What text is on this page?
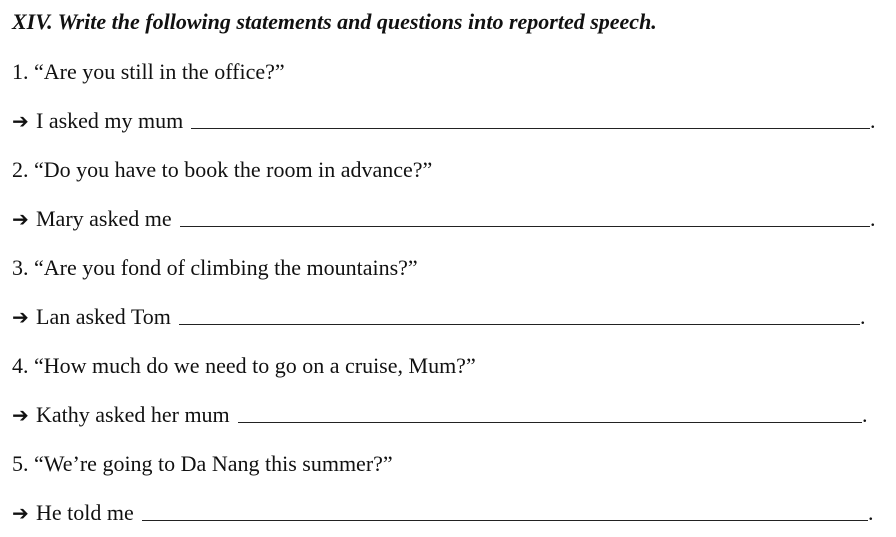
XIV. Write the following statements and questions into reported speech.
1. “Are you still in the office?”
➔ I asked my mum	.
2. “Do you have to book the room in advance?”
➔ Mary asked me	.
3. “Are you fond of climbing the mountains?”
➔ Lan asked Tom	.
4. “How much do we need to go on a cruise, Mum?”
➔ Kathy asked her mum	.
5. “We’re going to Da Nang this summer?”
➔ He told me	.
